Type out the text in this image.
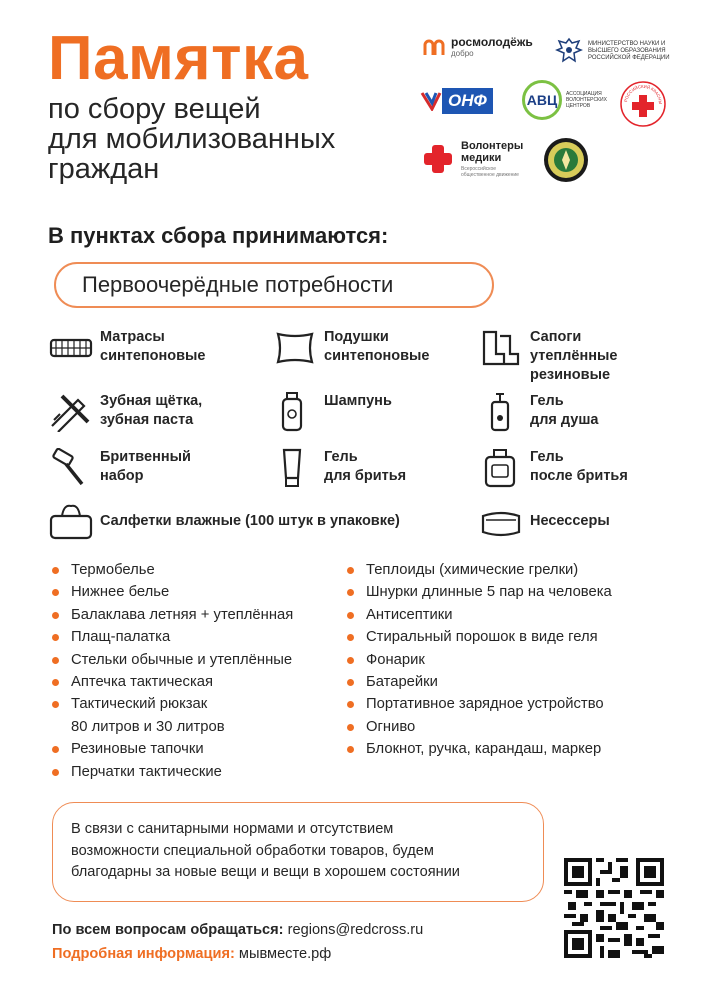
Памятка
по сбору вещей
для мобилизованных
граждан
росмолодёжь
добро
МИНИСТЕРСТВО НАУКИ И ВЫСШЕГО ОБРАЗОВАНИЯ РОССИЙСКОЙ ФЕДЕРАЦИИ
ОНФ	АВЦ	АССОЦИАЦИЯ ВОЛОНТЕРСКИХ ЦЕНТРОВ
РОССИЙСКИЙ КРАСНЫ
Волонтеры медики
Всероссийское общественное движение
В пунктах сбора принимаются:
Первоочерёдные потребности
Матрасы
синтепоновые
Подушки
синтепоновые
Сапоги
утеплённые
резиновые
Зубная щётка,
зубная паста
Шампунь	Гель
для душа
Бритвенный
набор
Гель
для бритья
Гель
после бритья
Салфетки влажные (100 штук в упаковке)	Несессеры
Термобелье
Нижнее белье
Балаклава летняя + утеплённая
Плащ-палатка
Стельки обычные и утеплённые
Аптечка тактическая
Тактический рюкзак
80 литров и 30 литров
Резиновые тапочки
Перчатки тактические
Теплоиды (химические грелки)
Шнурки длинные 5 пар на человека
Антисептики
Стиральный порошок в виде геля
Фонарик
Батарейки
Портативное зарядное устройство
Огниво
Блокнот, ручка, карандаш, маркер
В связи с санитарными нормами и отсутствием
возможности специальной обработки товаров, будем
благодарны за новые вещи и вещи в хорошем состоянии
По всем вопросам обращаться: regions@redcross.ru
Подробная информация: мывместе.рф
